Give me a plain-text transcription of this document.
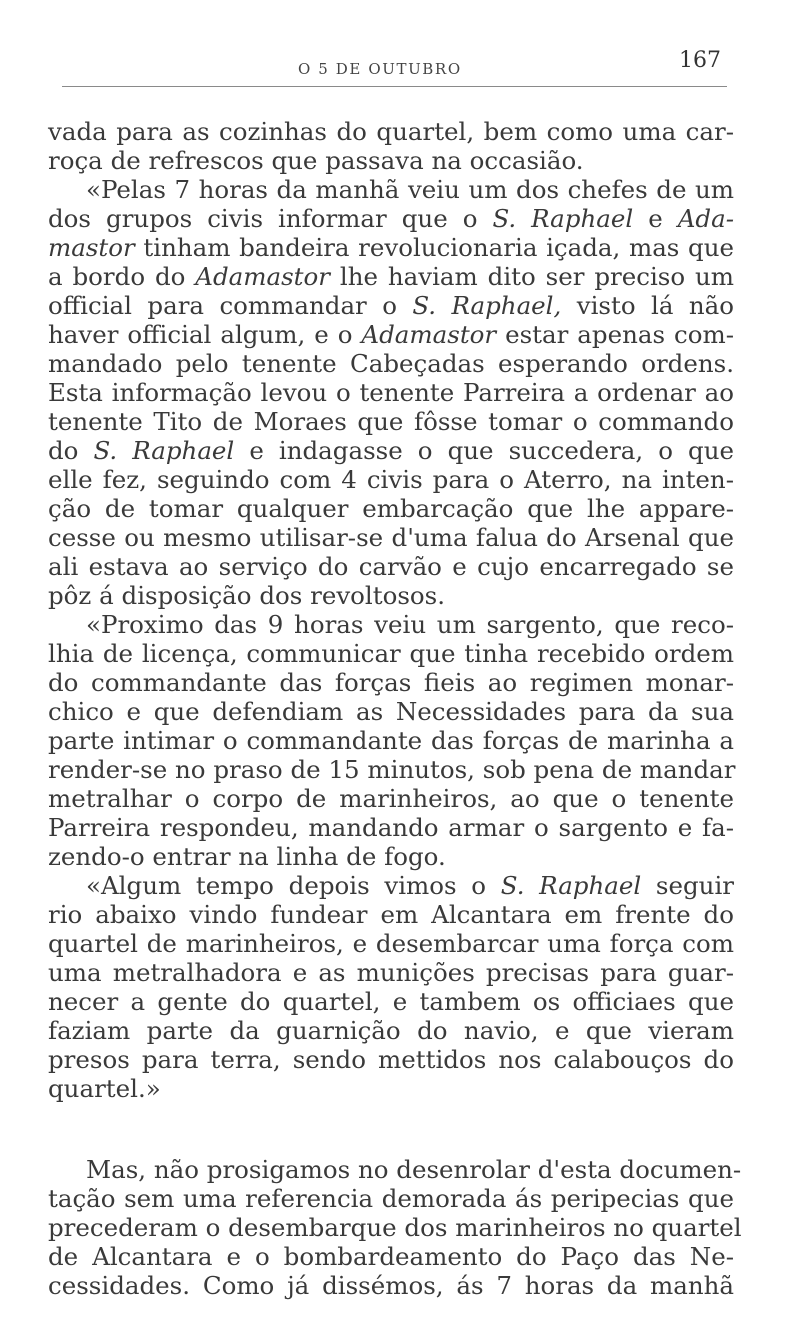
O 5 DE OUTUBRO	167
vada para as cozinhas do quartel, bem como uma car-
roça de refrescos que passava na occasião.
«Pelas 7 horas da manhã veiu um dos chefes de um
dos grupos civis informar que o S. Raphael e Ada-
mastor tinham bandeira revolucionaria içada, mas que
a bordo do Adamastor lhe haviam dito ser preciso um
official para commandar o S. Raphael, visto lá não
haver official algum, e o Adamastor estar apenas com-
mandado pelo tenente Cabeçadas esperando ordens.
Esta informação levou o tenente Parreira a ordenar ao
tenente Tito de Moraes que fôsse tomar o commando
do S. Raphael e indagasse o que succedera, o que
elle fez, seguindo com 4 civis para o Aterro, na inten-
ção de tomar qualquer embarcação que lhe appare-
cesse ou mesmo utilisar-se d'uma falua do Arsenal que
ali estava ao serviço do carvão e cujo encarregado se
pôz á disposição dos revoltosos.
«Proximo das 9 horas veiu um sargento, que reco-
lhia de licença, communicar que tinha recebido ordem
do commandante das forças fieis ao regimen monar-
chico e que defendiam as Necessidades para da sua
parte intimar o commandante das forças de marinha a
render-se no praso de 15 minutos, sob pena de mandar
metralhar o corpo de marinheiros, ao que o tenente
Parreira respondeu, mandando armar o sargento e fa-
zendo-o entrar na linha de fogo.
«Algum tempo depois vimos o S. Raphael seguir
rio abaixo vindo fundear em Alcantara em frente do
quartel de marinheiros, e desembarcar uma força com
uma metralhadora e as munições precisas para guar-
necer a gente do quartel, e tambem os officiaes que
faziam parte da guarnição do navio, e que vieram
presos para terra, sendo mettidos nos calabouços do
quartel.»
Mas, não prosigamos no desenrolar d'esta documen-
tação sem uma referencia demorada ás peripecias que
precederam o desembarque dos marinheiros no quartel
de Alcantara e o bombardeamento do Paço das Ne-
cessidades. Como já dissémos, ás 7 horas da manhã
